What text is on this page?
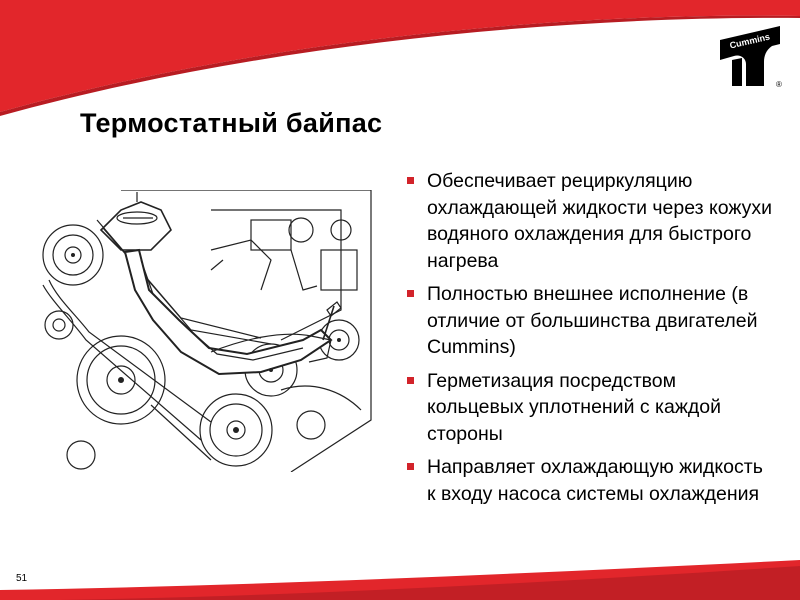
Cummins
®
Термостатный байпас
Обеспечивает рециркуляцию охлаждающей жидкости через кожухи водяного охлаждения для быстрого нагрева
Полностью внешнее исполнение (в отличие от большинства двигателей Cummins)
Герметизация посредством кольцевых уплотнений с каждой стороны
Направляет охлаждающую жидкость к входу насоса системы охлаждения
51
